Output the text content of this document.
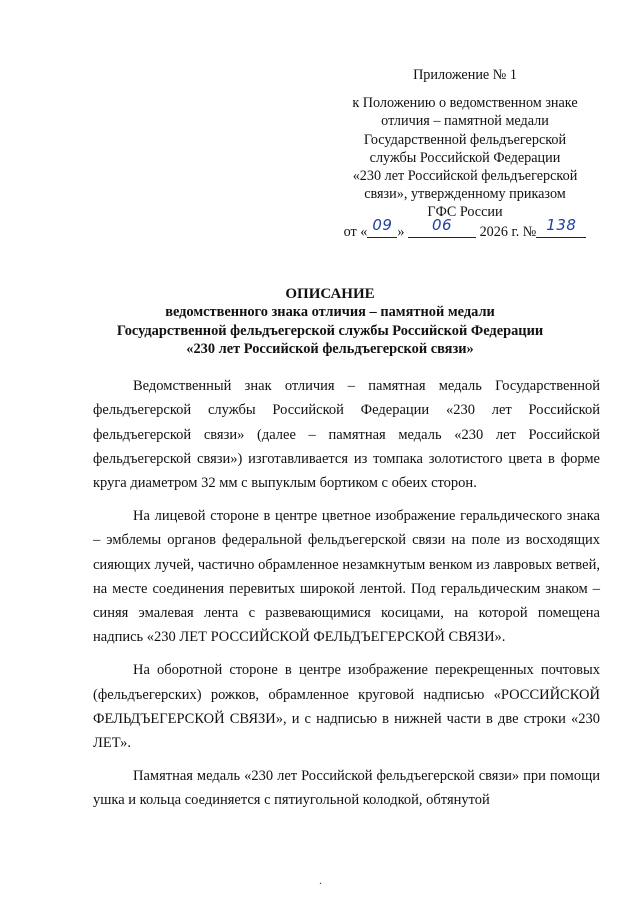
Приложение № 1
к Положению о ведомственном знаке
отличия – памятной медали
Государственной фельдъегерской
службы Российской Федерации
«230 лет Российской фельдъегерской
связи», утвержденному приказом
ГФС России
от « 09 »	06	2026 г. № 138
ОПИСАНИЕ
ведомственного знака отличия – памятной медали
Государственной фельдъегерской службы Российской Федерации
«230 лет Российской фельдъегерской связи»

Ведомственный знак отличия – памятная медаль Государственной фельдъегерской службы Российской Федерации «230 лет Российской фельдъегерской связи» (далее – памятная медаль «230 лет Российской фельдъегерской связи») изготавливается из томпака золотистого цвета в форме круга диаметром 32 мм с выпуклым бортиком с обеих сторон.

На лицевой стороне в центре цветное изображение геральдического знака – эмблемы органов федеральной фельдъегерской связи на поле из восходящих сияющих лучей, частично обрамленное незамкнутым венком из лавровых ветвей, на месте соединения перевитых широкой лентой. Под геральдическим знаком – синяя эмалевая лента с развевающимися косицами, на которой помещена надпись «230 ЛЕТ РОССИЙСКОЙ ФЕЛЬДЪЕГЕРСКОЙ СВЯЗИ».

На оборотной стороне в центре изображение перекрещенных почтовых (фельдъегерских) рожков, обрамленное круговой надписью «РОССИЙСКОЙ ФЕЛЬДЪЕГЕРСКОЙ СВЯЗИ», и с надписью в нижней части в две строки «230 ЛЕТ».

Памятная медаль «230 лет Российской фельдъегерской связи» при помощи ушка и кольца соединяется с пятиугольной колодкой, обтянутой

.
